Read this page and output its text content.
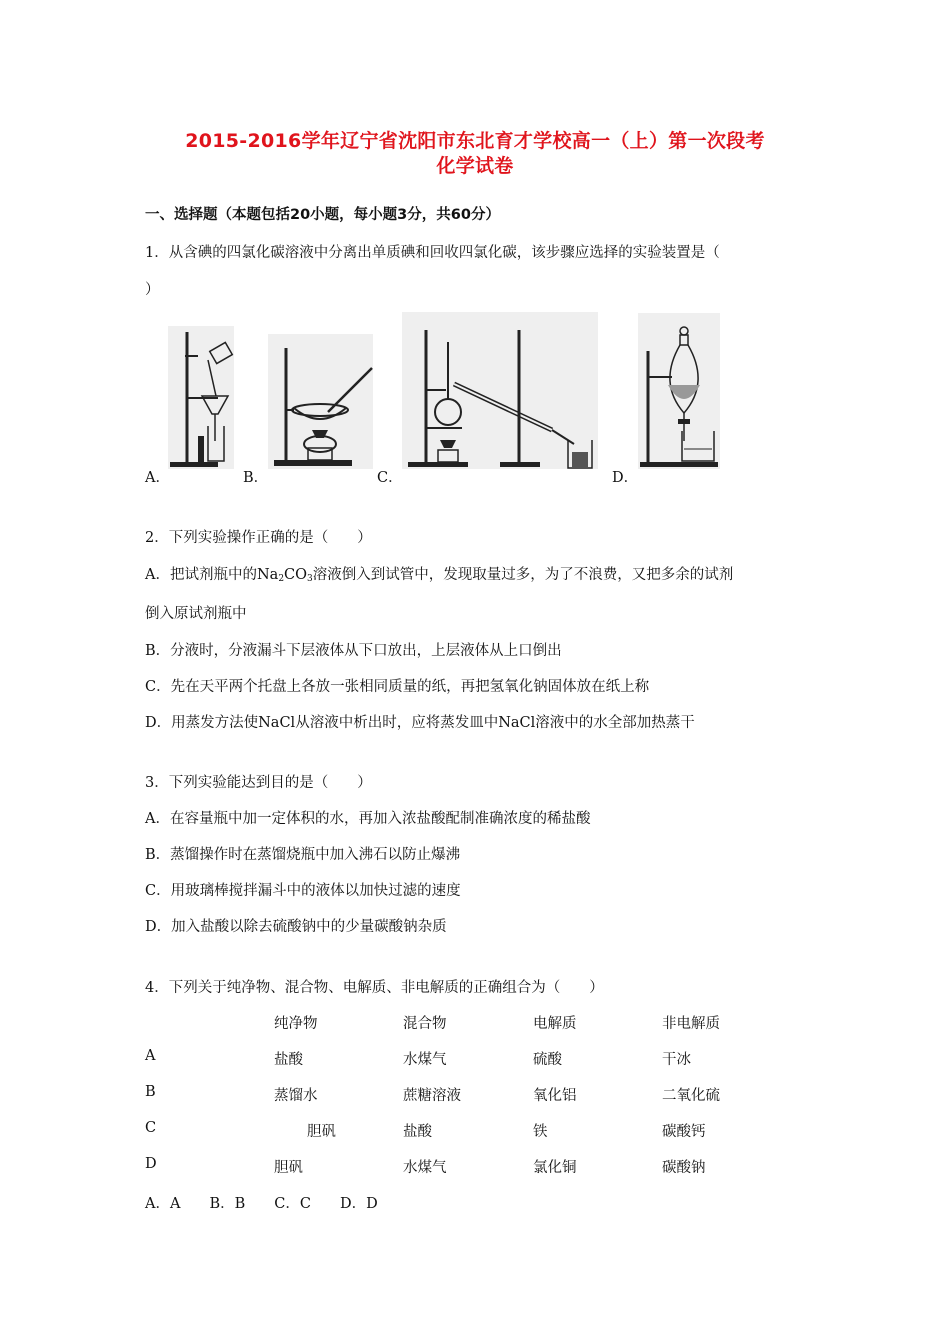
2015-2016学年辽宁省沈阳市东北育才学校高一（上）第一次段考
化学试卷
一、选择题（本题包括20小题，每小题3分，共60分）
1．从含碘的四氯化碳溶液中分离出单质碘和回收四氯化碳，该步骤应选择的实验装置是（
）
A．	B．	C．	D．
2．下列实验操作正确的是（　　）
A．把试剂瓶中的$Na_2CO_3$溶液倒入到试管中，发现取量过多，为了不浪费，又把多余的试剂
倒入原试剂瓶中
B．分液时，分液漏斗下层液体从下口放出，上层液体从上口倒出
C．先在天平两个托盘上各放一张相同质量的纸，再把氢氧化钠固体放在纸上称
D．用蒸发方法使NaCl从溶液中析出时，应将蒸发皿中NaCl溶液中的水全部加热蒸干
3．下列实验能达到目的是（　　）
A．在容量瓶中加一定体积的水，再加入浓盐酸配制准确浓度的稀盐酸
B．蒸馏操作时在蒸馏烧瓶中加入沸石以防止爆沸
C．用玻璃棒搅拌漏斗中的液体以加快过滤的速度
D．加入盐酸以除去硫酸钠中的少量碳酸钠杂质
4．下列关于纯净物、混合物、电解质、非电解质的正确组合为（　　）
纯净物	混合物	电解质	非电解质
A	盐酸	水煤气	硫酸	干冰
B	蒸馏水	蔗糖溶液	氧化铝	二氧化硫
C	胆矾	盐酸	铁	碳酸钙
D	胆矾	水煤气	氯化铜	碳酸钠
A．A　　B．B　　C．C　　D．D
